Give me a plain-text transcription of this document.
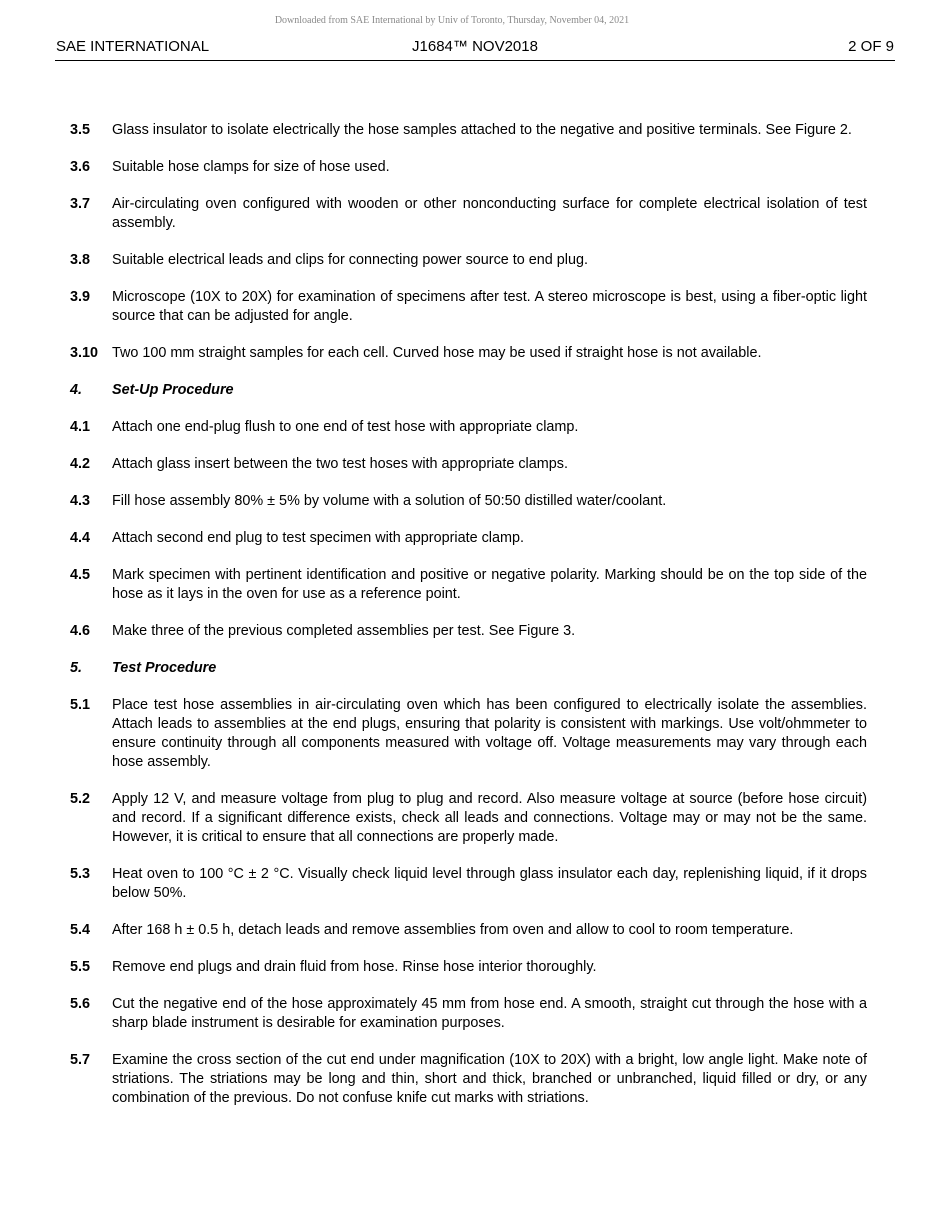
Downloaded from SAE International by Univ of Toronto, Thursday, November 04, 2021
J1684™ NOV2018
SAE INTERNATIONAL	2 OF 9
3.5	Glass insulator to isolate electrically the hose samples attached to the negative and positive terminals. See Figure 2.
3.6	Suitable hose clamps for size of hose used.
3.7	Air-circulating oven configured with wooden or other nonconducting surface for complete electrical isolation of test assembly.
3.8	Suitable electrical leads and clips for connecting power source to end plug.
3.9	Microscope (10X to 20X) for examination of specimens after test. A stereo microscope is best, using a fiber-optic light source that can be adjusted for angle.
3.10 Two 100 mm straight samples for each cell. Curved hose may be used if straight hose is not available.
4.	Set-Up Procedure
4.1	Attach one end-plug flush to one end of test hose with appropriate clamp.
4.2	Attach glass insert between the two test hoses with appropriate clamps.
4.3	Fill hose assembly 80% ± 5% by volume with a solution of 50:50 distilled water/coolant.
4.4	Attach second end plug to test specimen with appropriate clamp.
4.5	Mark specimen with pertinent identification and positive or negative polarity. Marking should be on the top side of the hose as it lays in the oven for use as a reference point.
4.6	Make three of the previous completed assemblies per test. See Figure 3.
5.	Test Procedure
5.1	Place test hose assemblies in air-circulating oven which has been configured to electrically isolate the assemblies. Attach leads to assemblies at the end plugs, ensuring that polarity is consistent with markings. Use volt/ohmmeter to ensure continuity through all components measured with voltage off. Voltage measurements may vary through each hose assembly.
5.2	Apply 12 V, and measure voltage from plug to plug and record. Also measure voltage at source (before hose circuit) and record. If a significant difference exists, check all leads and connections. Voltage may or may not be the same. However, it is critical to ensure that all connections are properly made.
5.3	Heat oven to 100 °C ± 2 °C. Visually check liquid level through glass insulator each day, replenishing liquid, if it drops below 50%.
5.4	After 168 h ± 0.5 h, detach leads and remove assemblies from oven and allow to cool to room temperature.
5.5	Remove end plugs and drain fluid from hose. Rinse hose interior thoroughly.
5.6	Cut the negative end of the hose approximately 45 mm from hose end. A smooth, straight cut through the hose with a sharp blade instrument is desirable for examination purposes.
5.7	Examine the cross section of the cut end under magnification (10X to 20X) with a bright, low angle light. Make note of striations. The striations may be long and thin, short and thick, branched or unbranched, liquid filled or dry, or any combination of the previous. Do not confuse knife cut marks with striations.
